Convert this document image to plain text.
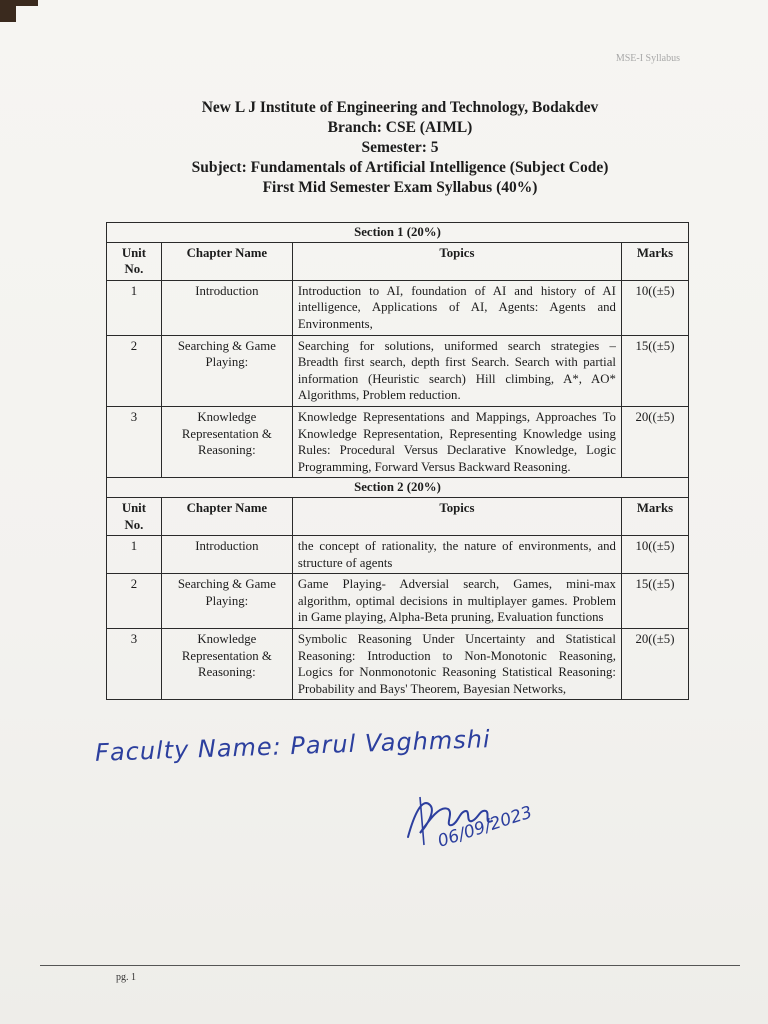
MSE-I Syllabus
New L J Institute of Engineering and Technology, Bodakdev
Branch: CSE (AIML)
Semester: 5
Subject: Fundamentals of Artificial Intelligence (Subject Code)
First Mid Semester Exam Syllabus (40%)
Section 1 (20%)			
Unit No.	Chapter Name	Topics	Marks
1	Introduction	Introduction to AI, foundation of AI and history of AI intelligence, Applications of AI, Agents: Agents and Environments,	10((±5)
2	Searching & Game Playing:	Searching for solutions, uniformed search strategies – Breadth first search, depth first Search. Search with partial information (Heuristic search) Hill climbing, A*, AO* Algorithms, Problem reduction.	15((±5)
3	Knowledge Representation & Reasoning:	Knowledge Representations and Mappings, Approaches To Knowledge Representation, Representing Knowledge using Rules: Procedural Versus Declarative Knowledge, Logic Programming, Forward Versus Backward Reasoning.	20((±5)
Section 2 (20%)			
Unit No.	Chapter Name	Topics	Marks
1	Introduction	the concept of rationality, the nature of environments, and structure of agents	10((±5)
2	Searching & Game Playing:	Game Playing- Adversial search, Games, mini-max algorithm, optimal decisions in multiplayer games. Problem in Game playing, Alpha-Beta pruning, Evaluation functions	15((±5)
3	Knowledge Representation & Reasoning:	Symbolic Reasoning Under Uncertainty and Statistical Reasoning: Introduction to Non-Monotonic Reasoning, Logics for Nonmonotonic Reasoning Statistical Reasoning: Probability and Bays' Theorem, Bayesian Networks,	20((±5)
Faculty Name: Parul Vaghmshi
06/09/2023
pg. 1
